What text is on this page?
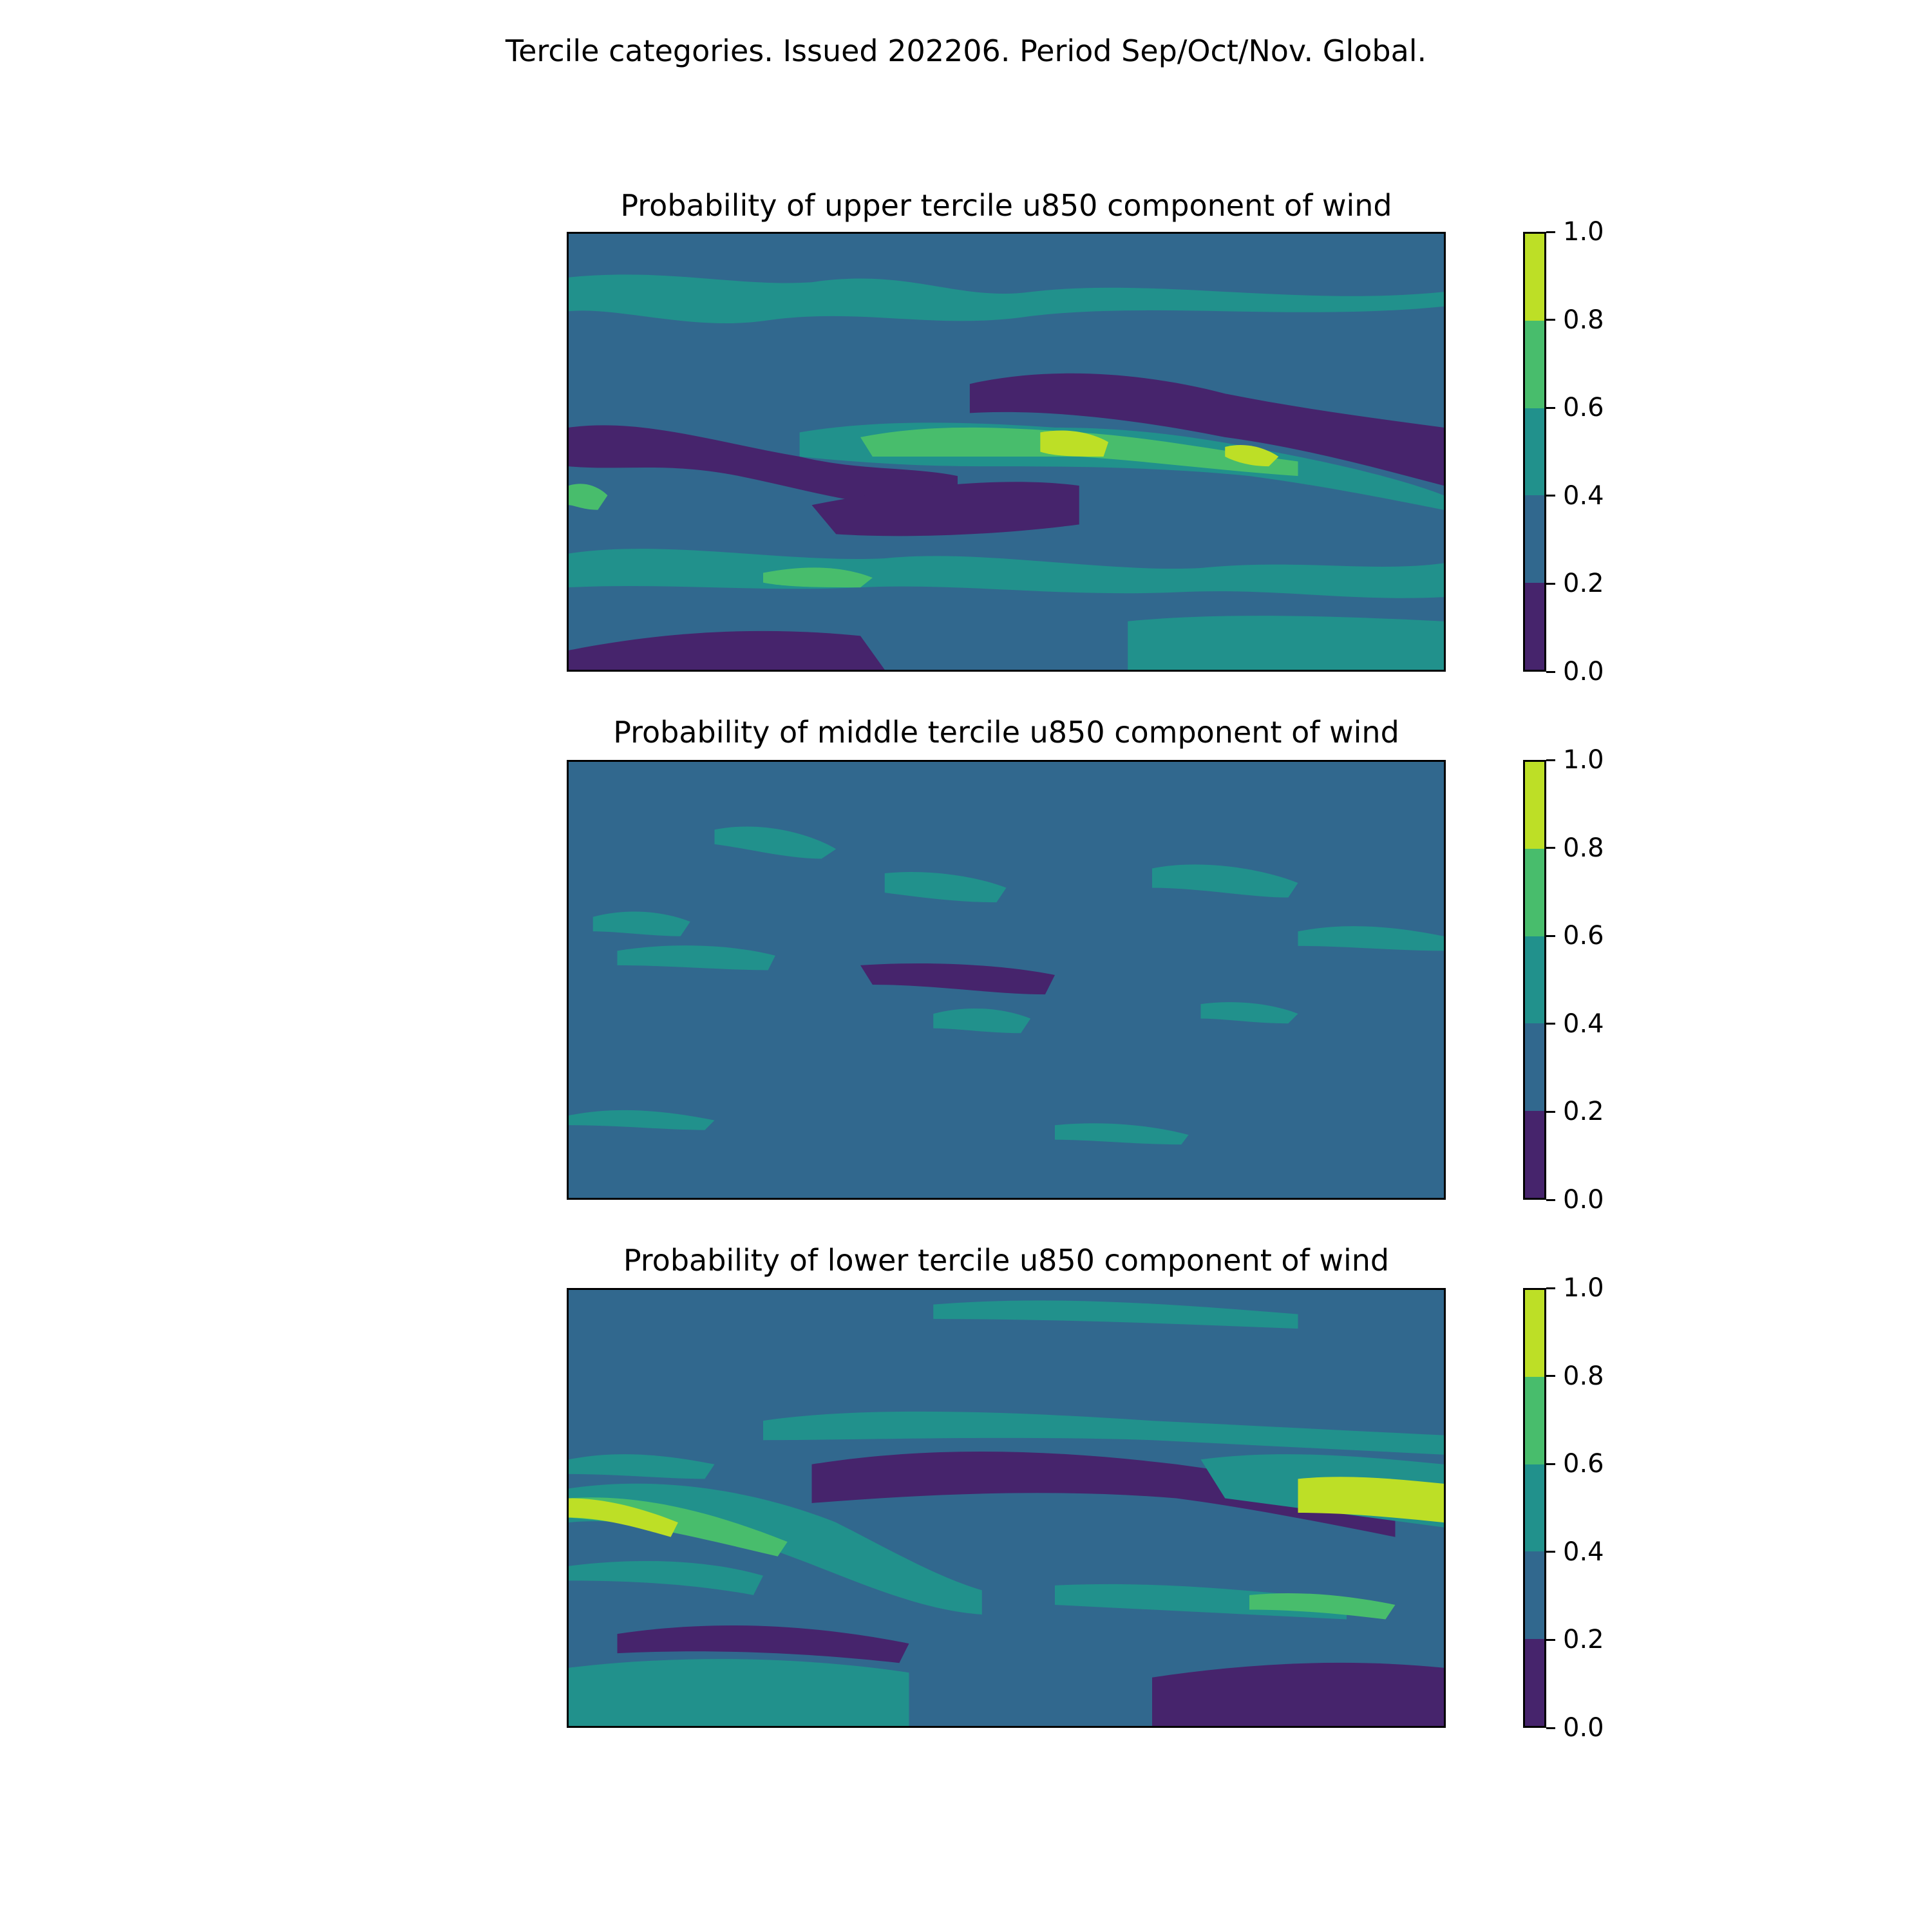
Tercile categories. Issued 202206. Period Sep/Oct/Nov. Global.
Probability of upper tercile u850 component of wind
0.0
0.2
0.4
0.6
0.8
1.0
Probability of middle tercile u850 component of wind
0.0
0.2
0.4
0.6
0.8
1.0
Probability of lower tercile u850 component of wind
0.0
0.2
0.4
0.6
0.8
1.0
